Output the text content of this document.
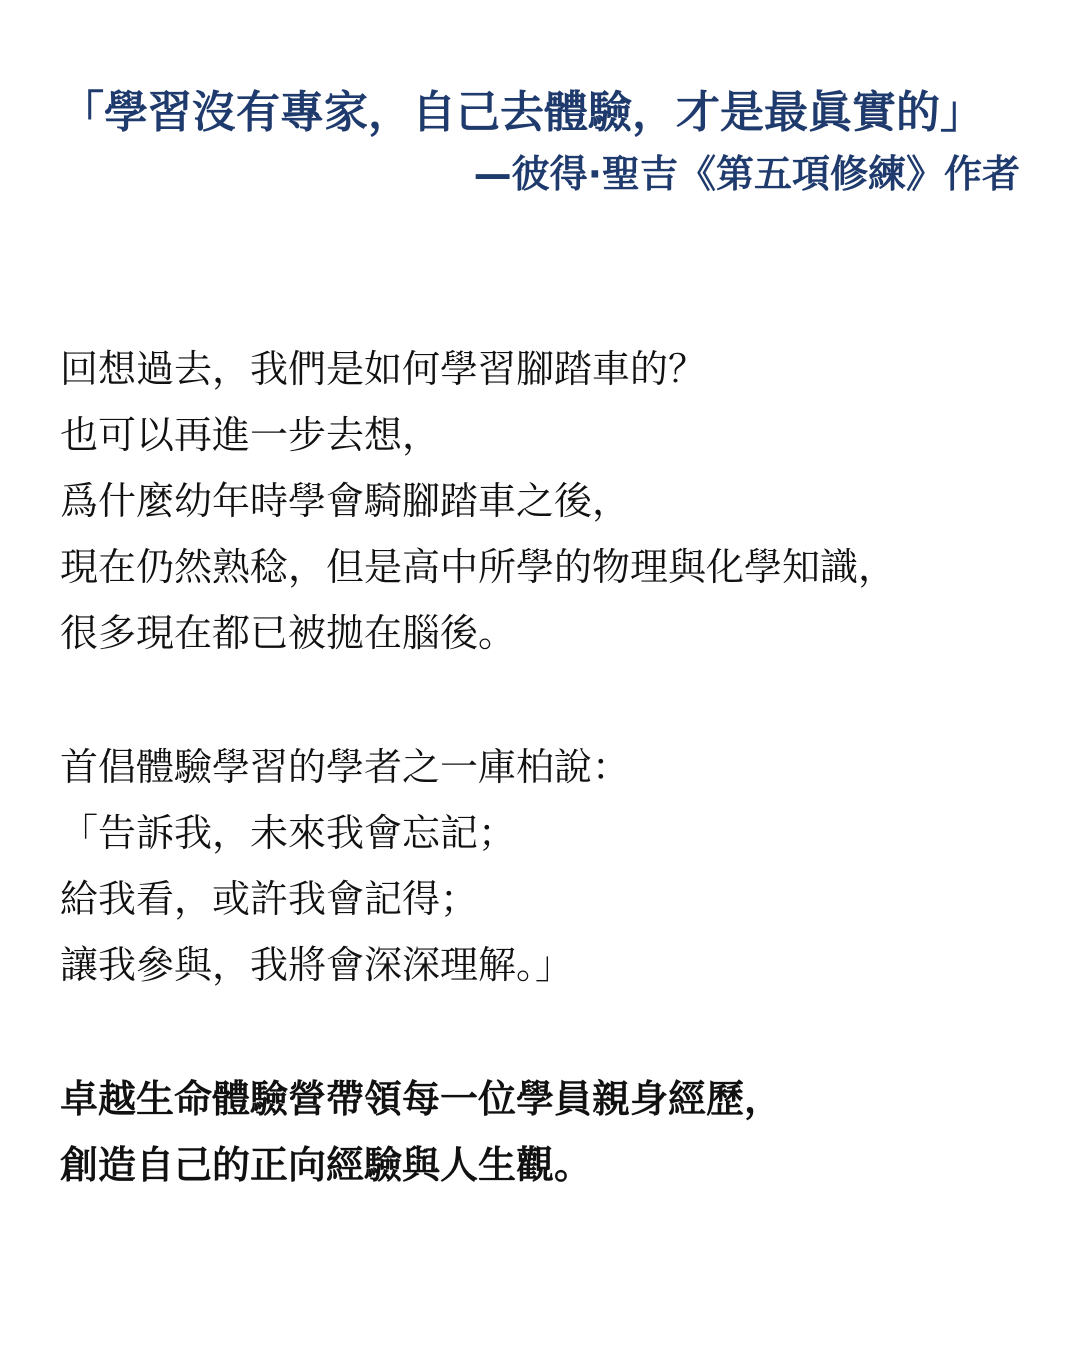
「學習沒有專家，自己去體驗，才是最眞實的」

—彼得·聖吉《第五項修練》作者

回想過去，我們是如何學習腳踏車的？
也可以再進一步去想，
爲什麼幼年時學會騎腳踏車之後，
現在仍然熟稔，但是高中所學的物理與化學知識，
很多現在都已被拋在腦後。
首倡體驗學習的學者之一庫柏說：
「告訴我，未來我會忘記；
給我看，或許我會記得；
讓我參與，我將會深深理解。」
卓越生命體驗營帶領每一位學員親身經歷，
創造自己的正向經驗與人生觀。
